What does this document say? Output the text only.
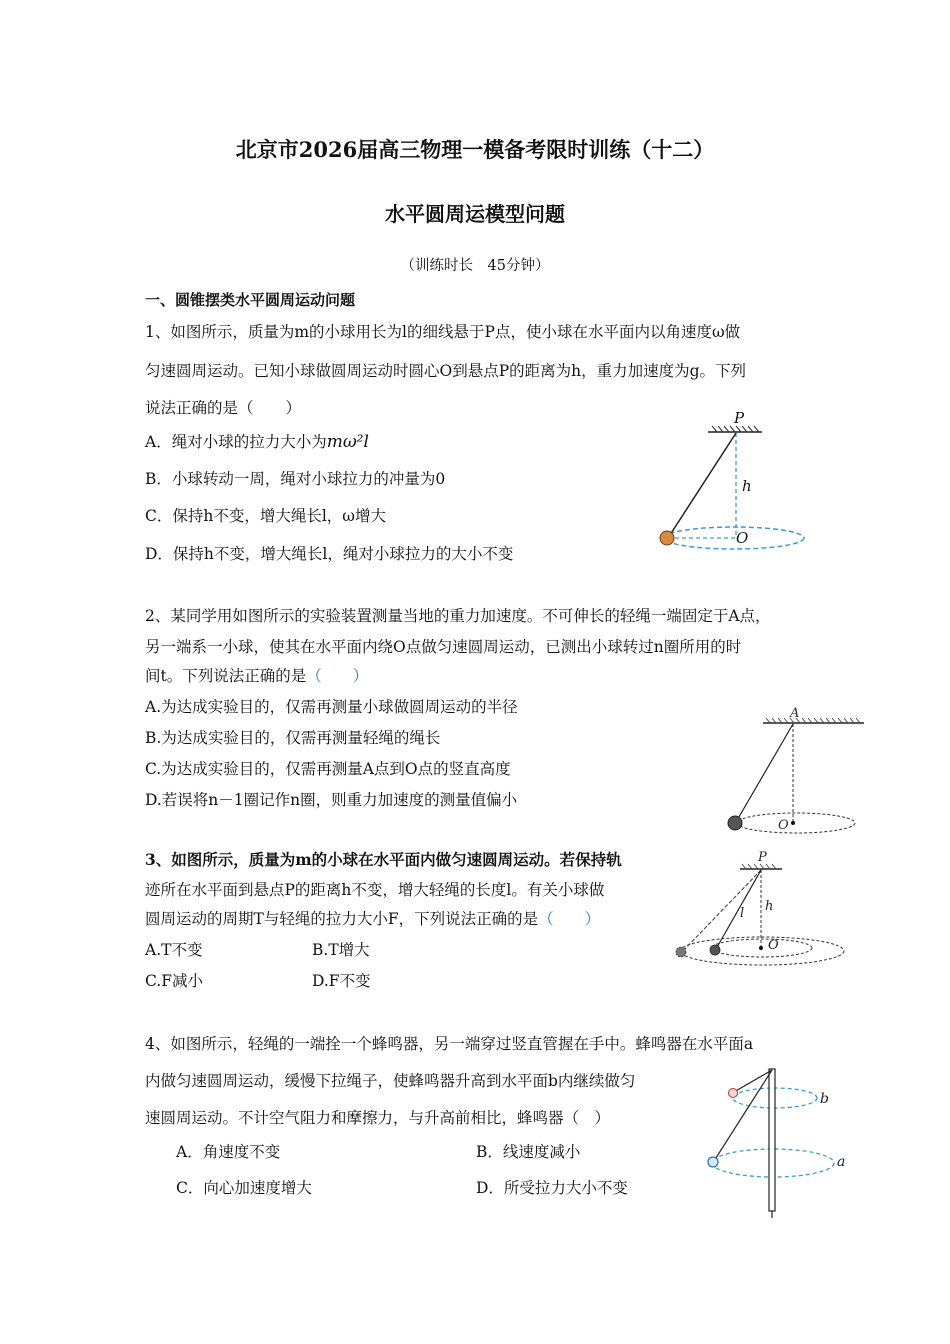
北京市2026届高三物理一模备考限时训练（十二）
水平圆周运模型问题
（训练时长　45分钟）
一、圆锥摆类水平圆周运动问题
1、如图所示，质量为m的小球用长为l的细线悬于P点，使小球在水平面内以角速度ω做
匀速圆周运动。已知小球做圆周运动时圆心O到悬点P的距离为h，重力加速度为g。下列
说法正确的是（ ）
A．绳对小球的拉力大小为mω²l
B．小球转动一周，绳对小球拉力的冲量为0
C．保持h不变，增大绳长l，ω增大
D．保持h不变，增大绳长l，绳对小球拉力的大小不变
P
h
O
2、某同学用如图所示的实验装置测量当地的重力加速度。不可伸长的轻绳一端固定于A点，
另一端系一小球，使其在水平面内绕O点做匀速圆周运动，已测出小球转过n圈所用的时
间t。下列说法正确的是（　　）
A.为达成实验目的，仅需再测量小球做圆周运动的半径
B.为达成实验目的，仅需再测量轻绳的绳长
C.为达成实验目的，仅需再测量A点到O点的竖直高度
D.若误将n－1圈记作n圈，则重力加速度的测量值偏小
A
O
3、如图所示，质量为m的小球在水平面内做匀速圆周运动。若保持轨
迹所在水平面到悬点P的距离h不变，增大轻绳的长度l。有关小球做
圆周运动的周期T与轻绳的拉力大小F，下列说法正确的是（　　）
A.T不变	B.T增大
C.F减小	D.F不变
P
h
l
O
4、如图所示，轻绳的一端拴一个蜂鸣器，另一端穿过竖直管握在手中。蜂鸣器在水平面a
内做匀速圆周运动，缓慢下拉绳子，使蜂鸣器升高到水平面b内继续做匀
速圆周运动。不计空气阻力和摩擦力，与升高前相比，蜂鸣器（　）
A．角速度不变	B．线速度减小
C．向心加速度增大	D．所受拉力大小不变
b
a
